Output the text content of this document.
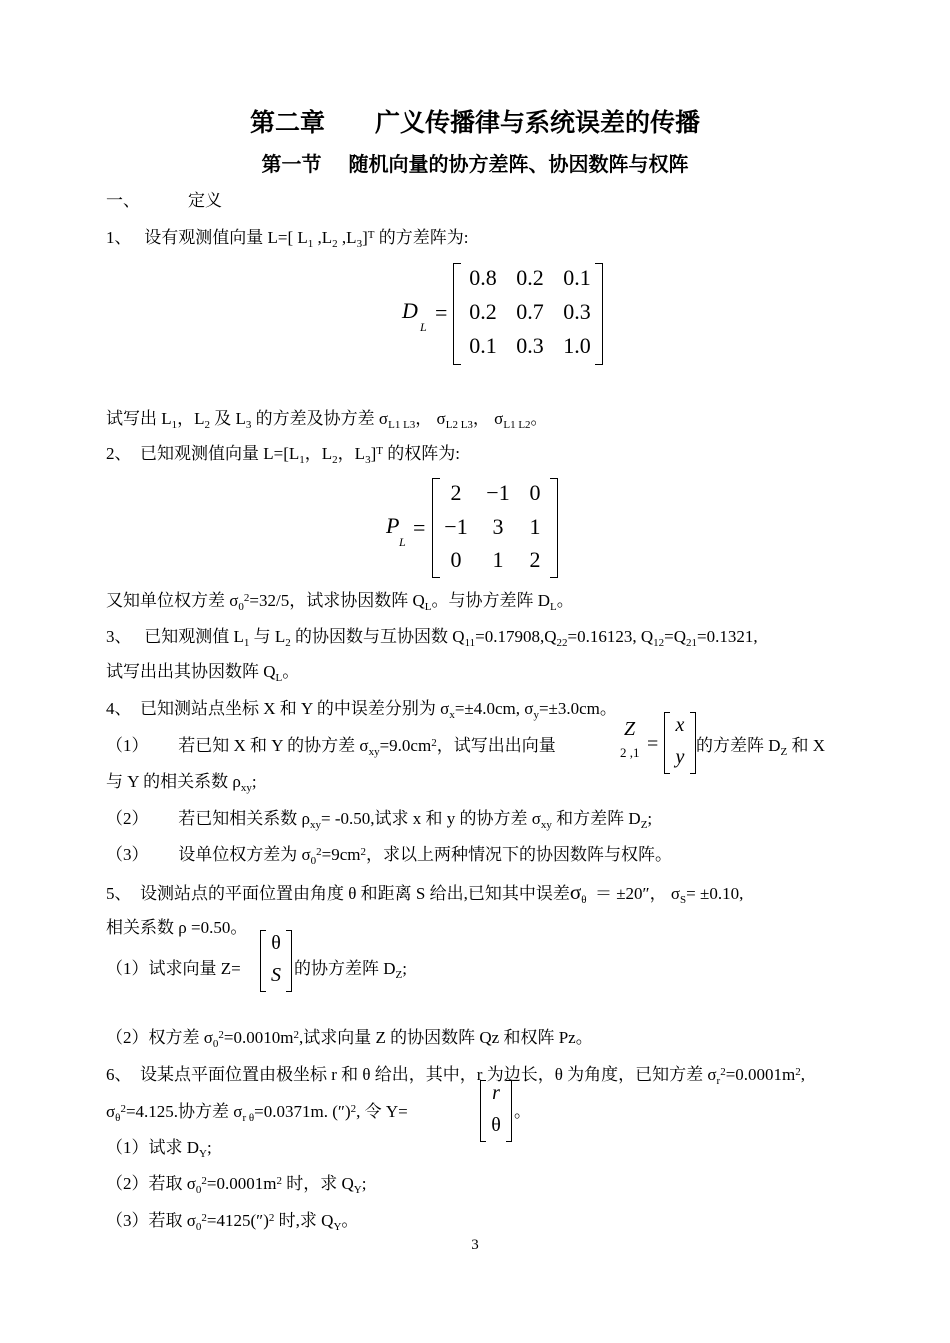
第二章　　广义传播律与系统误差的传播
第一节　 随机向量的协方差阵、协因数阵与权阵
一、	定义
1、 设有观测值向量 L=[ $L_1$ $,L_2$ $,L_3]^T$ 的方差阵为:
D
L
=
0.8 0.2 0.1
0.2 0.7 0.3
0.1 0.3 1.0
试写出 $L_1$，$L_2$ 及 $L_3$ 的方差及协方差 $\sigma_{L1 L3}$， $\sigma_{L2 L3}$， $\sigma_{L1 L2}$。
2、 已知观测值向量 $L=[L_1$，$L_2$，$L_3]^T$ 的权阵为:
P
L
=
2	−1 0
−1	3	1
0	1	2
又知单位权方差 $\sigma_0^2=32/5$，试求协因数阵 $Q_L$。与协方差阵 $D_L$。
3、 已知观测值 $L_1$ 与 $L_2$ 的协因数与互协因数 $Q_{11}=0.17908,Q_{22}=0.16123$, $Q_{12}=Q_{21}=0.1321$,
试写出出其协因数阵 $Q_L$。
4、 已知测站点坐标 X 和 Y 的中误差分别为 $\sigma_x=\pm 4.0cm$, $\sigma_y=\pm 3.0cm$。
（1） 若已知 X 和 Y 的协方差 $\sigma_{xy}=9.0cm^2$，试写出出向量
Z
2 ,1 =
x
y
的方差阵 $D_Z$ 和 X
与 Y 的相关系数 $\rho_{xy}$;
（2） 若已知相关系数 $\rho_{xy}= -0.50$,试求 x 和 y 的协方差 $\sigma_{xy}$ 和方差阵 $D_Z$;
（3） 设单位权方差为 $\sigma_0^2=9cm^2$，求以上两种情况下的协因数阵与权阵。
5、 设测站点的平面位置由角度 θ 和距离 S 给出,已知其中误差$\sigma_\theta = \pm 20''$， $\sigma_S= \pm 0.10$,
相关系数 ρ =0.50。
（1）试求向量 Z=
θ
S 的协方差阵 $D_Z$;
（2）权方差 $\sigma_0^2=0.0010m^2$,试求向量 Z 的协因数阵 Qz 和权阵 Pz。
6、 设某点平面位置由极坐标 r 和 θ 给出，其中，r 为边长，θ 为角度，已知方差 $\sigma_r^2=0.0001m^2$,
$\sigma_\theta^2=4.125$.协方差 $\sigma_{r \theta}=0.0371m$. (″)$^2$, 令 Y=
r
θ
。
（1）试求 $D_Y$;
（2）若取 $\sigma_0^2=0.0001m^2$ 时，求 $Q_Y$;
（3）若取 $\sigma_0^2=4125('')^2$ 时,求 $Q_Y$。
3
